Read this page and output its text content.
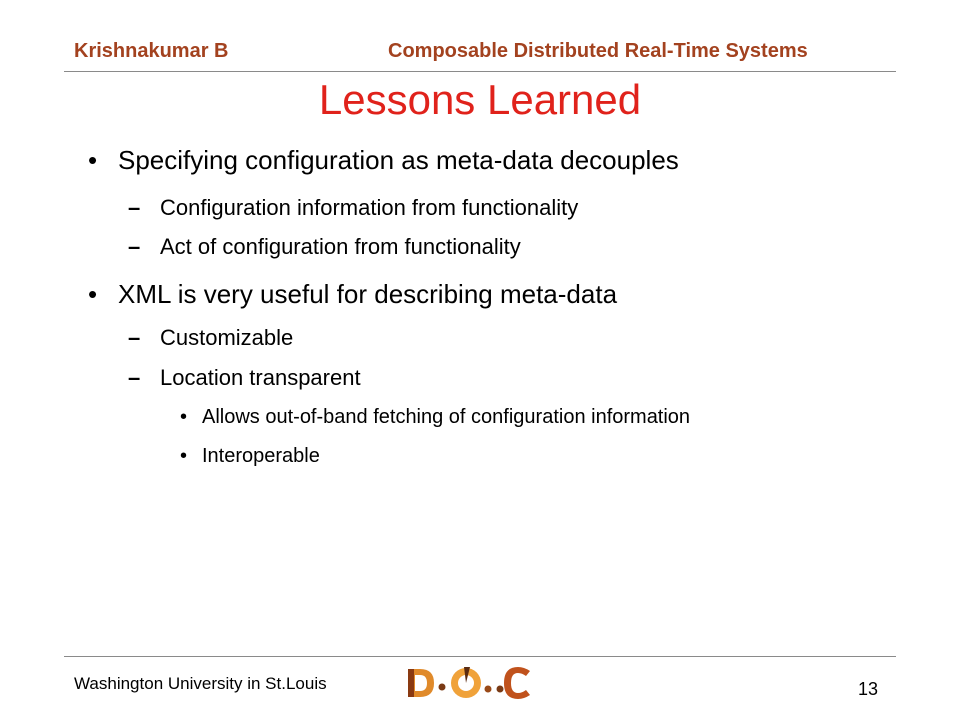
Krishnakumar B	Composable Distributed Real-Time Systems
Lessons Learned
• Specifying configuration as meta-data decouples
– Configuration information from functionality
– Act of configuration from functionality
• XML is very useful for describing meta-data
– Customizable
– Location transparent
• Allows out-of-band fetching of configuration information
• Interoperable
Washington University in St.Louis	13
